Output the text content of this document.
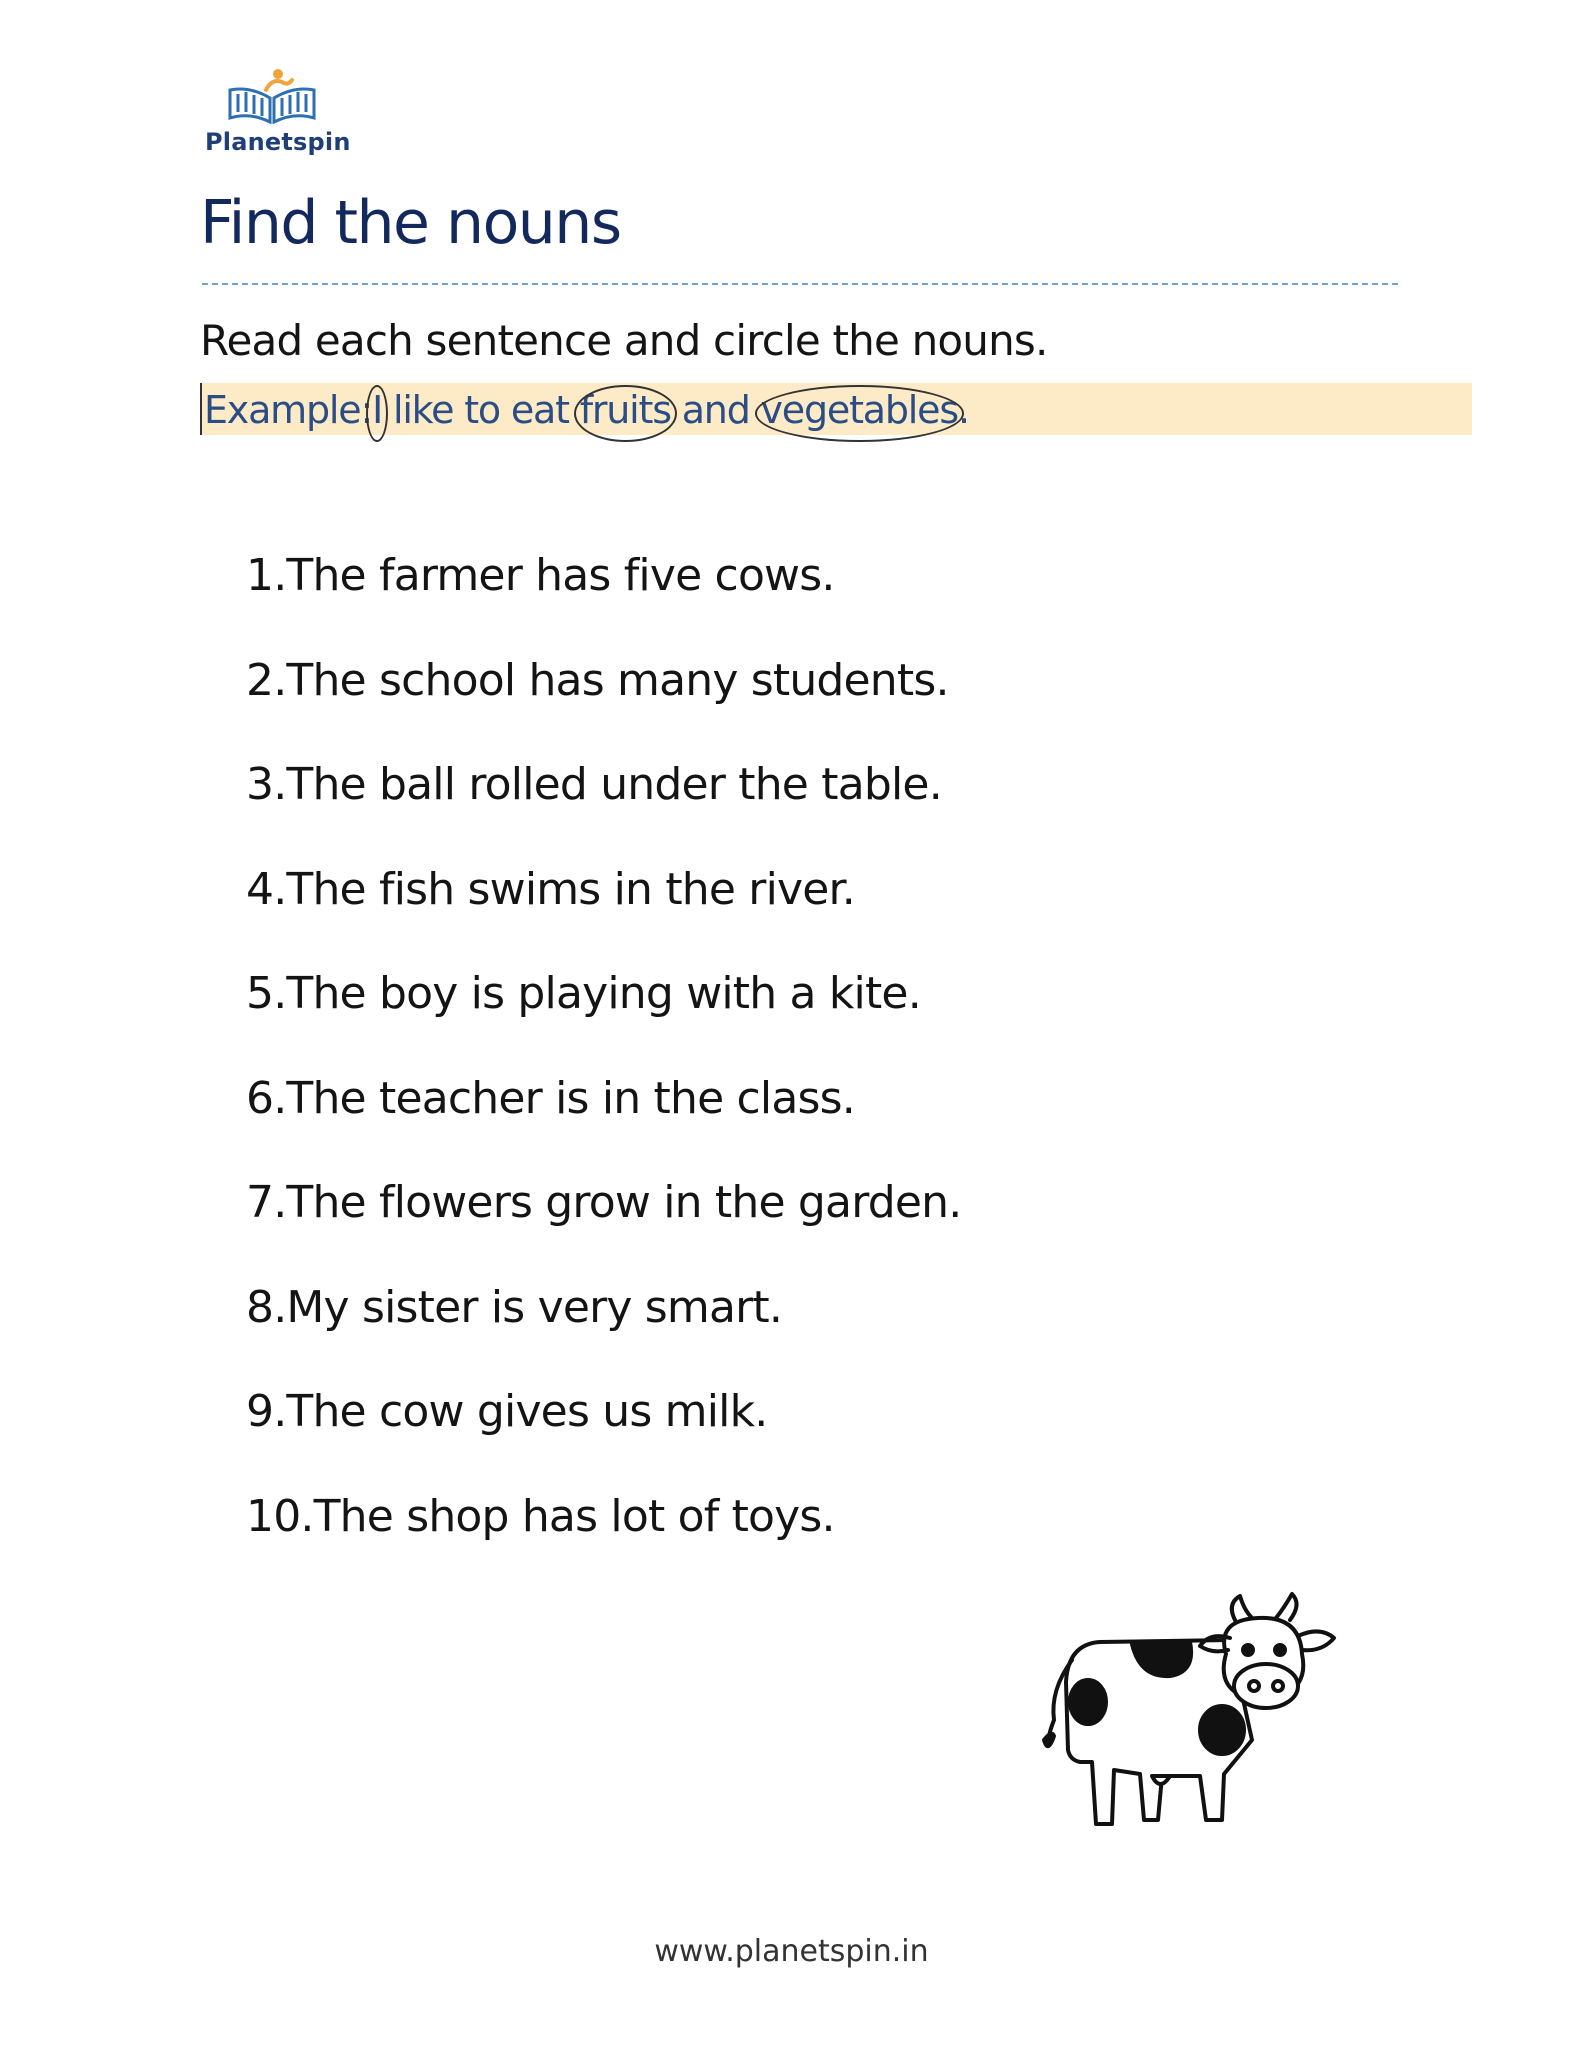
Planetspin
Find the nouns

Read each sentence and circle the nouns.

Example:I like to eat fruits and vegetables.
1.The farmer has five cows.
2.The school has many students.
3.The ball rolled under the table.
4.The fish swims in the river.
5.The boy is playing with a kite.
6.The teacher is in the class.
7.The flowers grow in the garden.
8.My sister is very smart.
9.The cow gives us milk.
10.The shop has lot of toys.

www.planetspin.in
